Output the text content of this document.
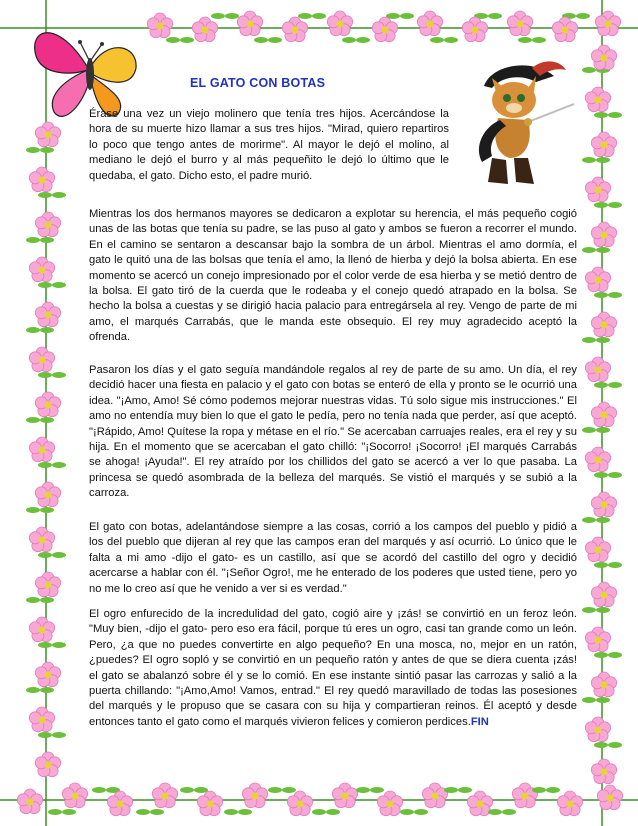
EL GATO CON BOTAS

Érase una vez un viejo molinero que tenía tres hijos. Acercándose la hora de su muerte hizo llamar a sus tres hijos. "Mirad, quiero repartiros lo poco que tengo antes de morirme". Al mayor le dejó el molino, al mediano le dejó el burro y al más pequeñito le dejó lo último que le quedaba, el gato. Dicho esto, el padre murió.

Mientras los dos hermanos mayores se dedicaron a explotar su herencia, el más pequeño cogió unas de las botas que tenía su padre, se las puso al gato y ambos se fueron a recorrer el mundo. En el camino se sentaron a descansar bajo la sombra de un árbol. Mientras el amo dormía, el gato le quitó una de las bolsas que tenía el amo, la llenó de hierba y dejó la bolsa abierta. En ese momento se acercó un conejo impresionado por el color verde de esa hierba y se metió dentro de la bolsa. El gato tiró de la cuerda que le rodeaba y el conejo quedó atrapado en la bolsa. Se hecho la bolsa a cuestas y se dirigió hacia palacio para entregársela al rey. Vengo de parte de mi amo, el marqués Carrabás, que le manda este obsequio. El rey muy agradecido aceptó la ofrenda.

Pasaron los días y el gato seguía mandándole regalos al rey de parte de su amo. Un día, el rey decidió hacer una fiesta en palacio y el gato con botas se enteró de ella y pronto se le ocurrió una idea. "¡Amo, Amo! Sé cómo podemos mejorar nuestras vidas. Tú solo sigue mis instrucciones." El amo no entendía muy bien lo que el gato le pedía, pero no tenía nada que perder, así que aceptó. "¡Rápido, Amo! Quítese la ropa y métase en el río." Se acercaban carruajes reales, era el rey y su hija. En el momento que se acercaban el gato chilló: "¡Socorro! ¡Socorro! ¡El marqués Carrabás se ahoga! ¡Ayuda!". El rey atraído por los chillidos del gato se acercó a ver lo que pasaba. La princesa se quedó asombrada de la belleza del marqués. Se vistió el marqués y se subió a la carroza.

El gato con botas, adelantándose siempre a las cosas, corrió a los campos del pueblo y pidió a los del pueblo que dijeran al rey que las campos eran del marqués y así ocurrió. Lo único que le falta a mi amo -dijo el gato- es un castillo, así que se acordó del castillo del ogro y decidió acercarse a hablar con él. "¡Señor Ogro!, me he enterado de los poderes que usted tiene, pero yo no me lo creo así que he venido a ver si es verdad."

El ogro enfurecido de la incredulidad del gato, cogió aire y ¡zás! se convirtió en un feroz león. "Muy bien, -dijo el gato- pero eso era fácil, porque tú eres un ogro, casi tan grande como un león. Pero, ¿a que no puedes convertirte en algo pequeño? En una mosca, no, mejor en un ratón, ¿puedes? El ogro sopló y se convirtió en un pequeño ratón y antes de que se diera cuenta ¡zás! el gato se abalanzó sobre él y se lo comió. En ese instante sintió pasar las carrozas y salió a la puerta chillando: "¡Amo,Amo! Vamos, entrad." El rey quedó maravillado de todas las posesiones del marqués y le propuso que se casara con su hija y compartieran reinos. Él aceptó y desde entonces tanto el gato como el marqués vivieron felices y comieron perdices.FIN
